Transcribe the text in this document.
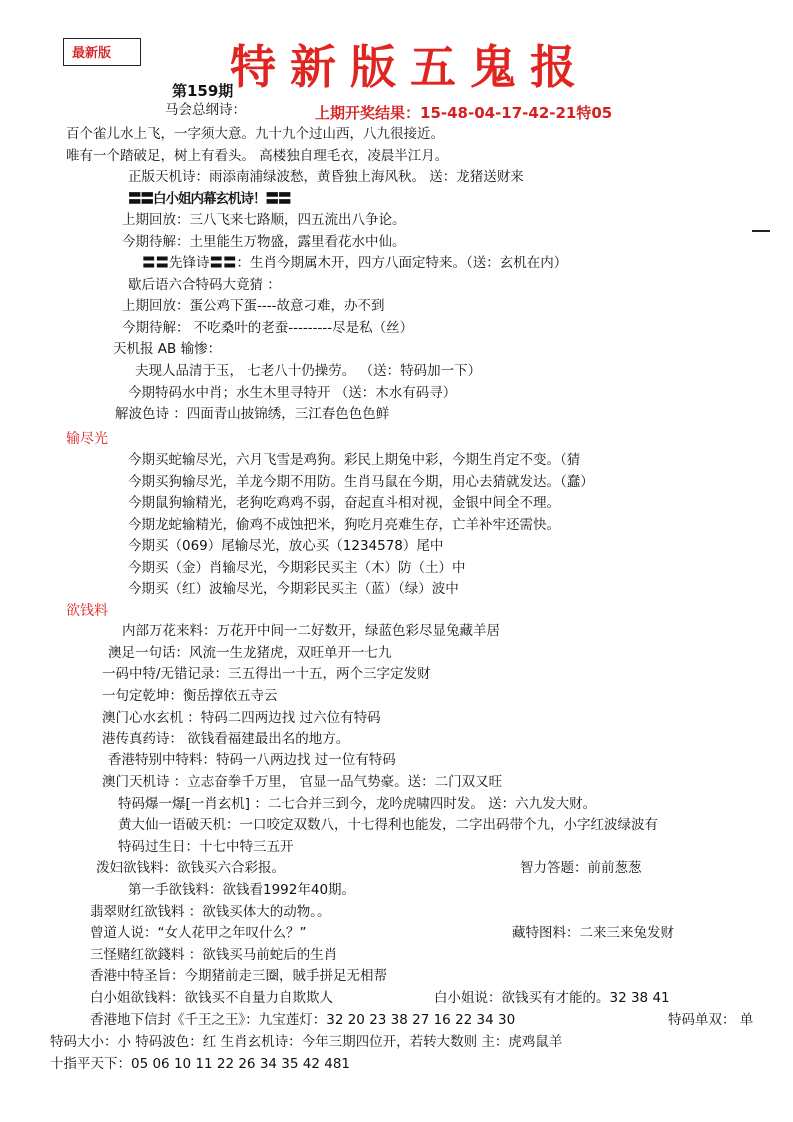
最新版	特新版五鬼报
第159期
上期开奖结果：15-48-04-17-42-21特05
马会总纲诗：
百个雀儿水上飞，一字须大意。九十九个过山西，八九很接近。
唯有一个踏破足，树上有看头。 高楼独自理毛衣，凌晨半江月。
正版天机诗：雨添南浦绿波愁，黄昏独上海风秋。 送：龙猪送财来
〓〓白小姐内幕玄机诗！〓〓
上期回放：三八飞来七路顺，四五流出八争论。
今期待解：土里能生万物盛，露里看花水中仙。
〓〓先锋诗〓〓：生肖今期属木开，四方八面定特来。（送：玄机在内）
歇后语六合特码大竟猜 ：
上期回放：蛋公鸡下蛋----故意刁难，办不到
今期待解： 不吃桑叶的老蚕---------尽是私（丝）
天机报 AB 输惨：
夫现人品清于玉， 七老八十仍操劳。 （送：特码加一下）
今期特码水中肖；水生木里寻特开 （送：木水有码寻）
解波色诗 ：四面青山披锦绣，三江春色色色鲜
输尽光
今期买蛇输尽光，六月飞雪是鸡狗。彩民上期兔中彩，今期生肖定不变。（猜
今期买狗输尽光，羊龙今期不用防。生肖马鼠在今期，用心去猜就发达。（蠢）
今期鼠狗输精光，老狗吃鸡鸡不弱，奋起直斗相对视，金银中间全不理。
今期龙蛇输精光，偷鸡不成蚀把米，狗吃月亮难生存，亡羊补牢还需快。
今期买（069）尾输尽光，放心买（1234578）尾中
今期买（金）肖输尽光，今期彩民买主（木）防（土）中
今期买（红）波输尽光，今期彩民买主（蓝）（绿）波中
欲钱料
内部万花来料：万花开中间一二好数开，绿蓝色彩尽显兔藏羊居
澳足一句话：风流一生龙猪虎，双旺单开一七九
一码中特/无错记录：三五得出一十五，两个三字定发财
一句定乾坤：衡岳撑依五寺云
澳门心水玄机 ：特码二四两边找 过六位有特码
港传真药诗： 欲钱看福建最出名的地方。
香港特别中特料：特码一八两边找 过一位有特码
澳门天机诗 ：立志奋拳千万里， 官显一品气势豪。送：二门双又旺
特码爆一爆[一肖玄机] ：二七合并三到今，龙吟虎啸四时发。 送：六九发大财。
黄大仙一语破天机：一口咬定双数八，十七得利也能发，二字出码带个九，小字红波绿波有
特码过生日：十七中特三五开
泼妇欲钱料：欲钱买六合彩报。	智力答题：前前葱葱
第一手欲钱料：欲钱看1992年40期。
翡翠财红欲钱料 ：欲钱买体大的动物。。
曾道人说：“女人花甲之年叹什么？”	藏特图料：二来三来兔发财
三怪赌红欲錢料 ：欲钱买马前蛇后的生肖
香港中特圣旨：今期猪前走三圈，賊手拼足无相帮
白小姐欲钱料：欲钱买不自量力自欺欺人	白小姐说：欲钱买有才能的。32 38 41
香港地下信封《千王之王》：九宝莲灯：32 20 23 38 27 16 22 34 30	特码单双： 单
特码大小：小 特码波色：红 生肖玄机诗：今年三期四位开，若转大数则 主：虎鸡鼠羊
十指平天下：05 06 10 11 22 26 34 35 42 481
